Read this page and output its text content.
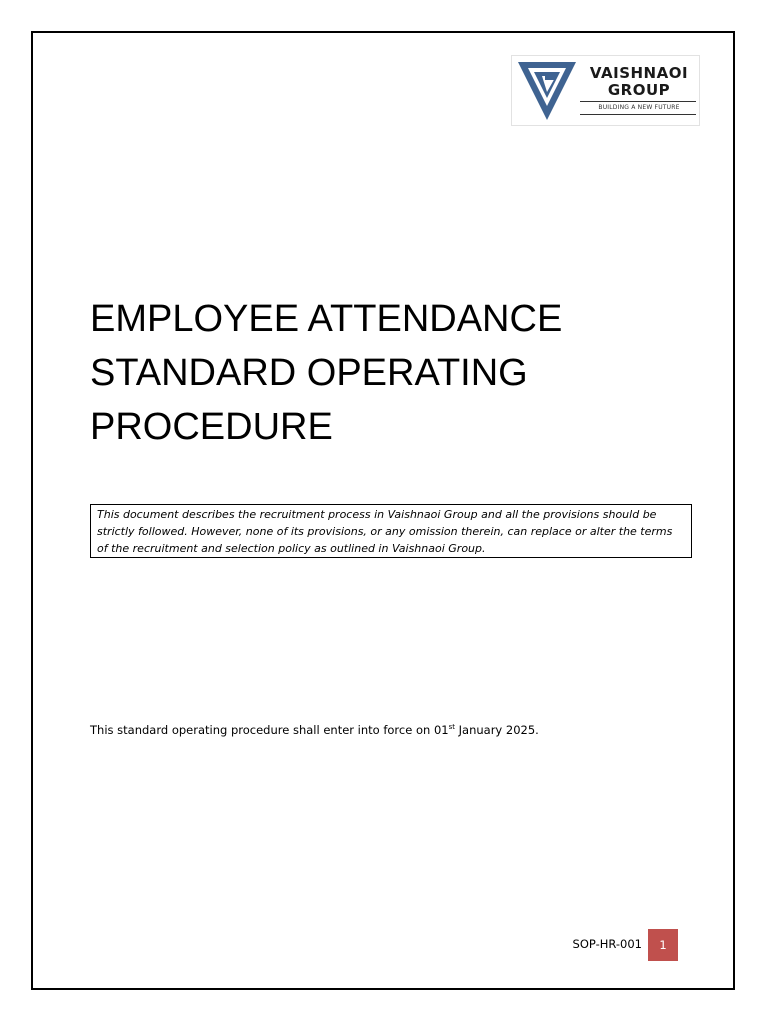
VAISHNAOI
GROUP
BUILDING A NEW FUTURE
EMPLOYEE ATTENDANCE
STANDARD OPERATING
PROCEDURE
This document describes the recruitment process in Vaishnaoi Group and all the provisions should be strictly followed. However, none of its provisions, or any omission therein, can replace or alter the terms of the recruitment and selection policy as outlined in Vaishnaoi Group.
This standard operating procedure shall enter into force on 01st January 2025.
SOP-HR-001	1
